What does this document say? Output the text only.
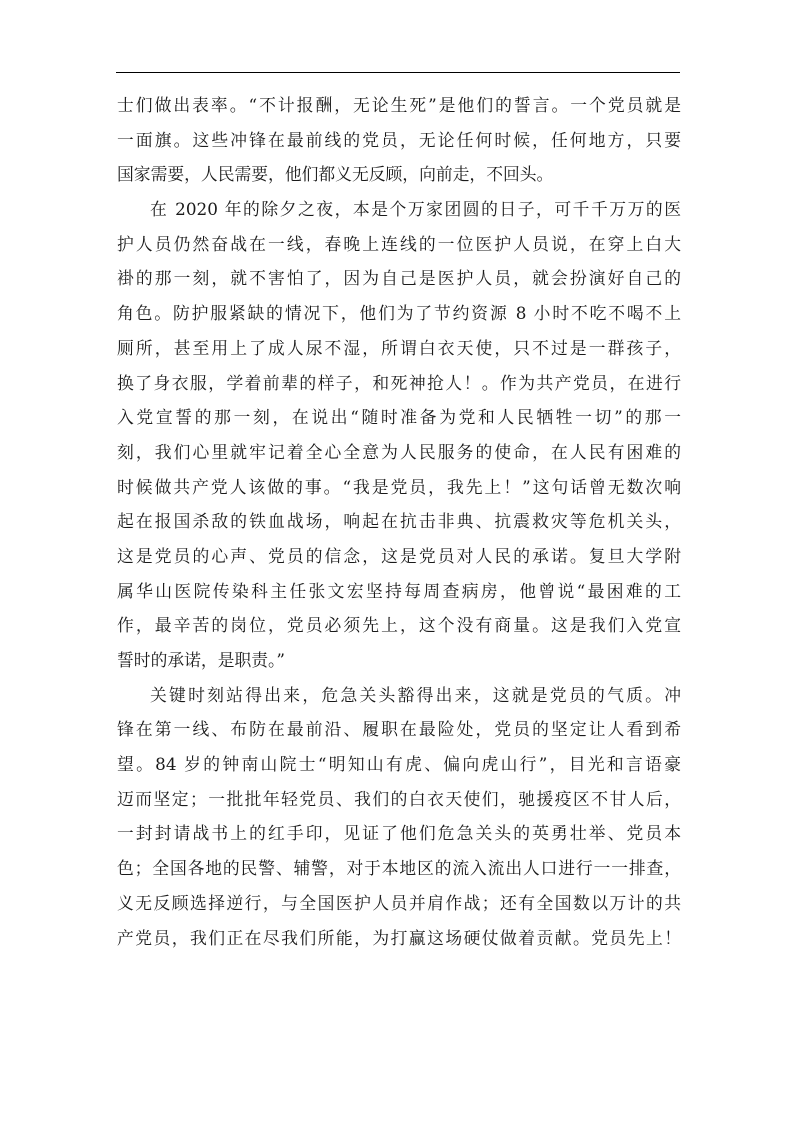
士们做出表率。“不计报酬，无论生死”是他们的誓言。一个党员就是
一面旗。这些冲锋在最前线的党员，无论任何时候，任何地方，只要
国家需要，人民需要，他们都义无反顾，向前走，不回头。
在 2020 年的除夕之夜，本是个万家团圆的日子，可千千万万的医
护人员仍然奋战在一线，春晚上连线的一位医护人员说，在穿上白大
褂的那一刻，就不害怕了，因为自己是医护人员，就会扮演好自己的
角色。防护服紧缺的情况下，他们为了节约资源 8 小时不吃不喝不上
厕所，甚至用上了成人尿不湿，所谓白衣天使，只不过是一群孩子，
换了身衣服，学着前辈的样子，和死神抢人！。作为共产党员，在进行
入党宣誓的那一刻，在说出“随时准备为党和人民牺牲一切”的那一
刻，我们心里就牢记着全心全意为人民服务的使命，在人民有困难的
时候做共产党人该做的事。“我是党员，我先上！”这句话曾无数次响
起在报国杀敌的铁血战场，响起在抗击非典、抗震救灾等危机关头，
这是党员的心声、党员的信念，这是党员对人民的承诺。复旦大学附
属华山医院传染科主任张文宏坚持每周查病房，他曾说“最困难的工
作，最辛苦的岗位，党员必须先上，这个没有商量。这是我们入党宣
誓时的承诺，是职责。”
关键时刻站得出来，危急关头豁得出来，这就是党员的气质。冲
锋在第一线、布防在最前沿、履职在最险处，党员的坚定让人看到希
望。84 岁的钟南山院士“明知山有虎、偏向虎山行”，目光和言语豪
迈而坚定；一批批年轻党员、我们的白衣天使们，驰援疫区不甘人后，
一封封请战书上的红手印，见证了他们危急关头的英勇壮举、党员本
色；全国各地的民警、辅警，对于本地区的流入流出人口进行一一排查，
义无反顾选择逆行，与全国医护人员并肩作战；还有全国数以万计的共
产党员，我们正在尽我们所能，为打赢这场硬仗做着贡献。党员先上！
